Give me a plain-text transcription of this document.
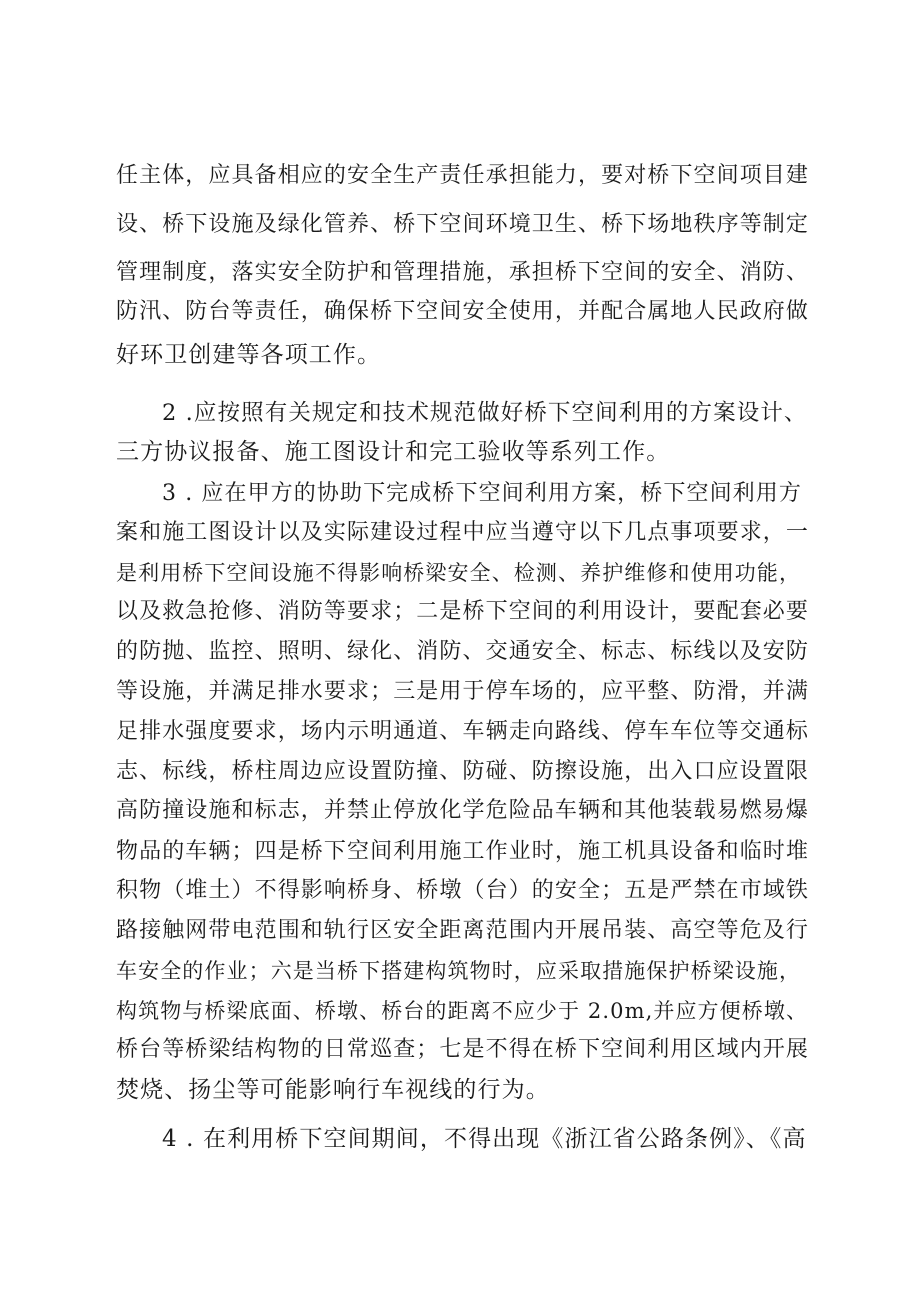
任主体，应具备相应的安全生产责任承担能力，要对桥下空间项目建
设、桥下设施及绿化管养、桥下空间环境卫生、桥下场地秩序等制定
管理制度，落实安全防护和管理措施，承担桥下空间的安全、消防、
防汛、防台等责任，确保桥下空间安全使用，并配合属地人民政府做
好环卫创建等各项工作。
2 .应按照有关规定和技术规范做好桥下空间利用的方案设计、
三方协议报备、施工图设计和完工验收等系列工作。
3 . 应在甲方的协助下完成桥下空间利用方案，桥下空间利用方
案和施工图设计以及实际建设过程中应当遵守以下几点事项要求，一
是利用桥下空间设施不得影响桥梁安全、检测、养护维修和使用功能，
以及救急抢修、消防等要求；二是桥下空间的利用设计，要配套必要
的防抛、监控、照明、绿化、消防、交通安全、标志、标线以及安防
等设施，并满足排水要求；三是用于停车场的，应平整、防滑，并满
足排水强度要求，场内示明通道、车辆走向路线、停车车位等交通标
志、标线，桥柱周边应设置防撞、防碰、防擦设施，出入口应设置限
高防撞设施和标志，并禁止停放化学危险品车辆和其他装载易燃易爆
物品的车辆；四是桥下空间利用施工作业时，施工机具设备和临时堆
积物（堆土）不得影响桥身、桥墩（台）的安全；五是严禁在市域铁
路接触网带电范围和轨行区安全距离范围内开展吊装、高空等危及行
车安全的作业；六是当桥下搭建构筑物时，应采取措施保护桥梁设施，
构筑物与桥梁底面、桥墩、桥台的距离不应少于 2.0m,并应方便桥墩、
桥台等桥梁结构物的日常巡查；七是不得在桥下空间利用区域内开展
焚烧、扬尘等可能影响行车视线的行为。
4 . 在利用桥下空间期间，不得出现《浙江省公路条例》、《高
